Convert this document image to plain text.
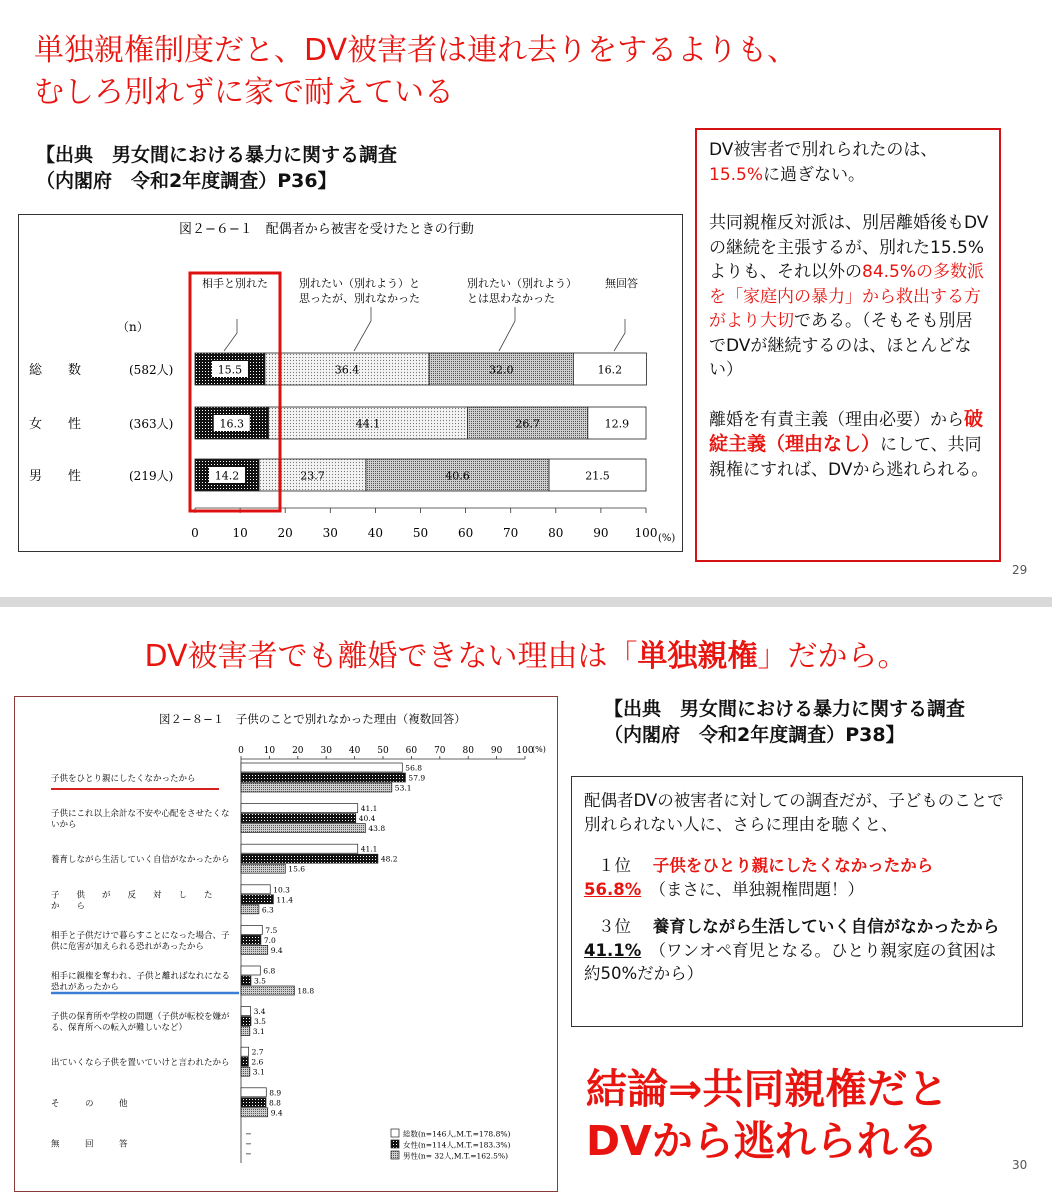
単独親権制度だと、DV被害者は連れ去りをするよりも、
むしろ別れずに家で耐えている
【出典　男女間における暴力に関する調査
（内閣府　令和2年度調査）P36】
図２−６−１　配偶者から被害を受けたときの行動
（n）
相手と別れた	別れたい（別れよう）と
思ったが、別れなかった
別れたい（別れよう）
とは思わなかった
無回答
総　　数	(582人)	15.5	36.4	32.0	16.2
女　　性	(363人)	16.3	44.1	26.7	12.9
男　　性	(219人)	14.2	23.7	40.6	21.5
0	10 20 30 40 50 60 70 80 90 100 (%)
DV被害者で別れられたのは、15.5%に過ぎない。
共同親権反対派は、別居離婚後もDVの継続を主張するが、別れた15.5%よりも、それ以外の84.5%の多数派を「家庭内の暴力」から救出する方がより大切である。（そもそも別居でDVが継続するのは、ほとんどない）
離婚を有責主義（理由必要）から破綻主義（理由なし）にして、共同親権にすれば、DVから逃れられる。
29
DV被害者でも離婚できない理由は「単独親権」だから。
図２−８−１　子供のことで別れなかった理由（複数回答）
0 10 20 30 40 50 60 70 80 90 100
(%)
子供をひとり親にしたくなかったから
56.8
57.9
53.1
子供にこれ以上余計な不安や心配をさせたくな
いから
41.1
40.4
43.8
養育しながら生活していく自信がなかったから
41.1
48.2
15.6
子　　供　　が　　反　　対　　し　　た　　
か　　ら
10.3
11.4
6.3
相手と子供だけで暮らすことになった場合、子
供に危害が加えられる恐れがあったから
7.5
7.0
9.4
相手に親権を奪われ、子供と離ればなれになる
恐れがあったから
6.8
3.5
18.8
子供の保育所や学校の問題（子供が転校を嫌が
る、保育所への転入が難しいなど）
3.4
3.5
3.1
出ていくなら子供を置いていけと言われたから
2.7
2.6
3.1
そ　　　の　　　他
8.9
8.8
9.4
無　　　回　　　答
−
−
−
総数(n=146人,M.T.=178.8%)
女性(n=114人,M.T.=183.3%)
男性(n= 32人,M.T.=162.5%)
【出典　男女間における暴力に関する調査
（内閣府　令和2年度調査）P38】
配偶者DVの被害者に対しての調査だが、子どものことで別れられない人に、さらに理由を聴くと、
１位　 子供をひとり親にしたくなかったから
56.8%　 （まさに、単独親権問題！）
３位　 養育しながら生活していく自信がなかったから　 41.1%　 （ワンオペ育児となる。ひとり親家庭の貧困は約50%だから）
結論⇒共同親権だと
DVから逃れられる	30
